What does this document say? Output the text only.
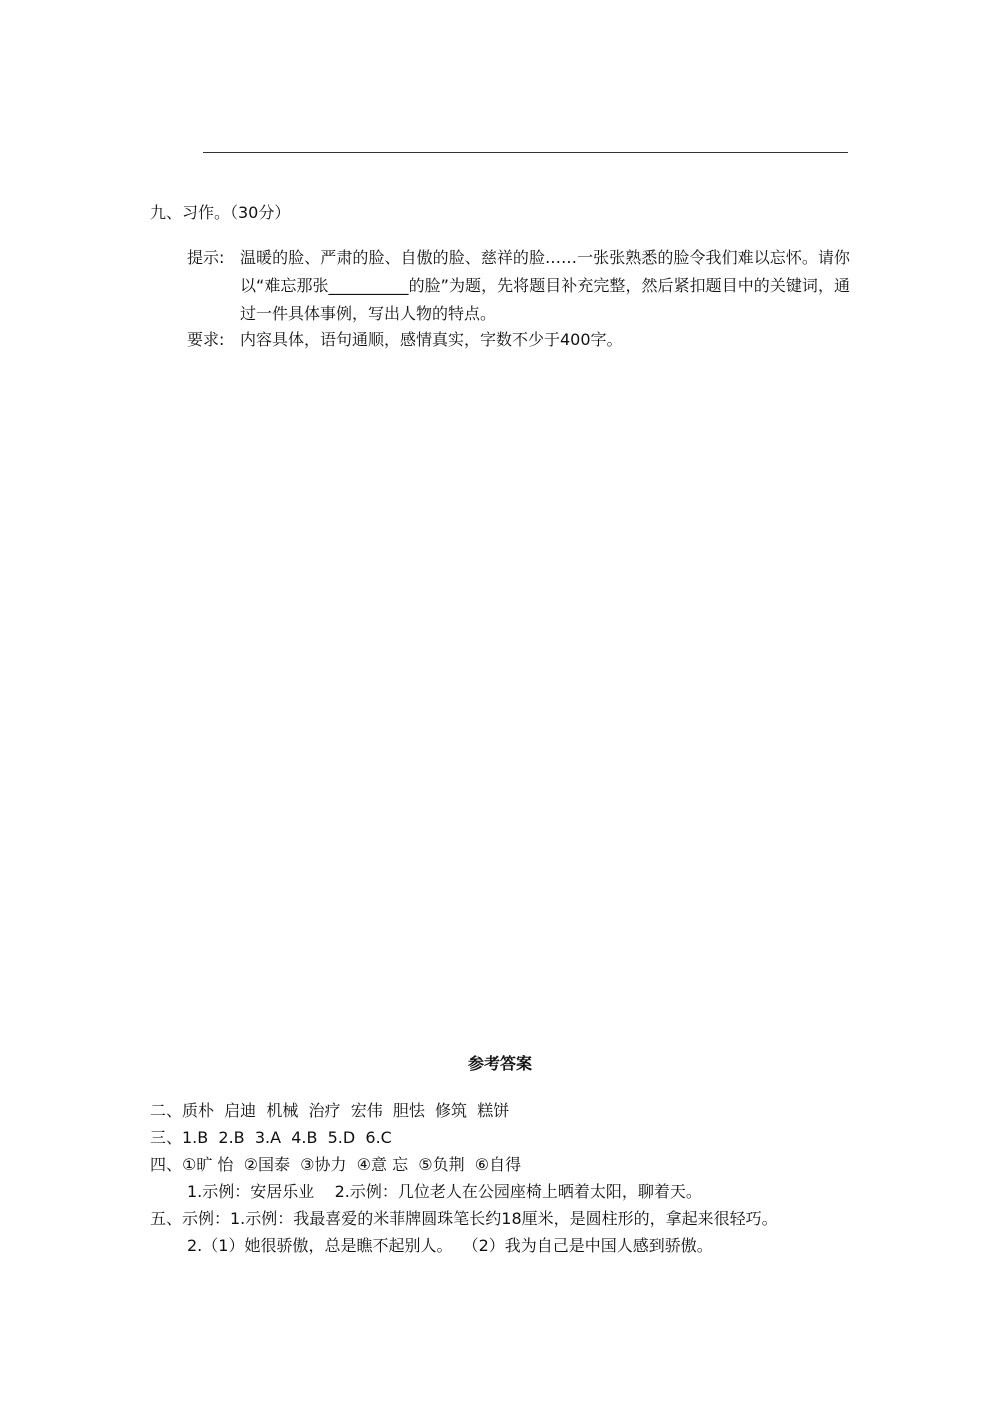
九、习作。（30分）
提示: 温暖的脸、严肃的脸、自傲的脸、慈祥的脸……一张张熟悉的脸令我们难以忘怀。请你以“难忘那张__________的脸”为题，先将题目补充完整，然后紧扣题目中的关键词，通过一件具体事例，写出人物的特点。
要求: 内容具体，语句通顺，感情真实，字数不少于400字。
参考答案
二、质朴  启迪  机械  治疗  宏伟  胆怯  修筑  糕饼
三、1.B  2.B  3.A  4.B  5.D  6.C
四、①旷 怡  ②国泰  ③协力  ④意 忘  ⑤负荆  ⑥自得
1.示例：安居乐业    2.示例：几位老人在公园座椅上晒着太阳，聊着天。
五、示例：1.示例：我最喜爱的米菲牌圆珠笔长约18厘米，是圆柱形的，拿起来很轻巧。
2.（1）她很骄傲，总是瞧不起别人。  （2）我为自己是中国人感到骄傲。
